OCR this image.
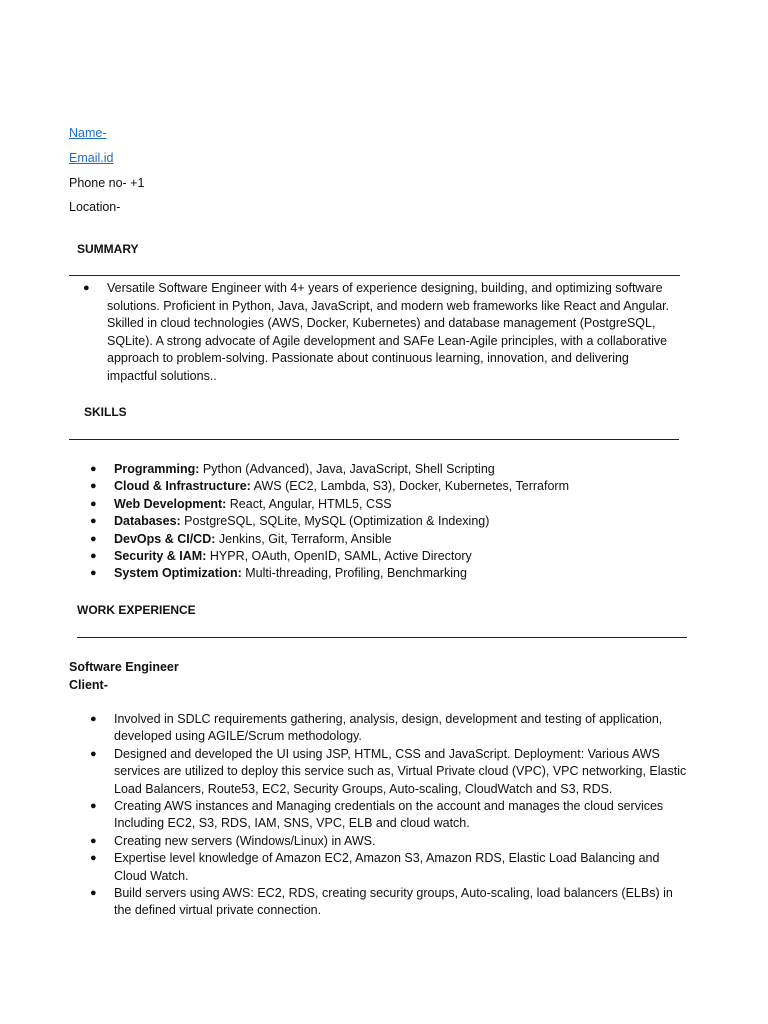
Name-
Email.id
Phone no- +1
Location-
SUMMARY
● Versatile Software Engineer with 4+ years of experience designing, building, and optimizing software solutions. Proficient in Python, Java, JavaScript, and modern web frameworks like React and Angular. Skilled in cloud technologies (AWS, Docker, Kubernetes) and database management (PostgreSQL, SQLite). A strong advocate of Agile development and SAFe Lean-Agile principles, with a collaborative approach to problem-solving. Passionate about continuous learning, innovation, and delivering impactful solutions..
SKILLS
● Programming: Python (Advanced), Java, JavaScript, Shell Scripting
● Cloud & Infrastructure: AWS (EC2, Lambda, S3), Docker, Kubernetes, Terraform
● Web Development: React, Angular, HTML5, CSS
● Databases: PostgreSQL, SQLite, MySQL (Optimization & Indexing)
● DevOps & CI/CD: Jenkins, Git, Terraform, Ansible
● Security & IAM: HYPR, OAuth, OpenID, SAML, Active Directory
● System Optimization: Multi-threading, Profiling, Benchmarking
WORK EXPERIENCE
Software Engineer
Client-
● Involved in SDLC requirements gathering, analysis, design, development and testing of application, developed using AGILE/Scrum methodology.
● Designed and developed the UI using JSP, HTML, CSS and JavaScript. Deployment: Various AWS services are utilized to deploy this service such as, Virtual Private cloud (VPC), VPC networking, Elastic Load Balancers, Route53, EC2, Security Groups, Auto-scaling, CloudWatch and S3, RDS.
● Creating AWS instances and Managing credentials on the account and manages the cloud services Including EC2, S3, RDS, IAM, SNS, VPC, ELB and cloud watch.
● Creating new servers (Windows/Linux) in AWS.
● Expertise level knowledge of Amazon EC2, Amazon S3, Amazon RDS, Elastic Load Balancing and Cloud Watch.
● Build servers using AWS: EC2, RDS, creating security groups, Auto-scaling, load balancers (ELBs) in the defined virtual private connection.
